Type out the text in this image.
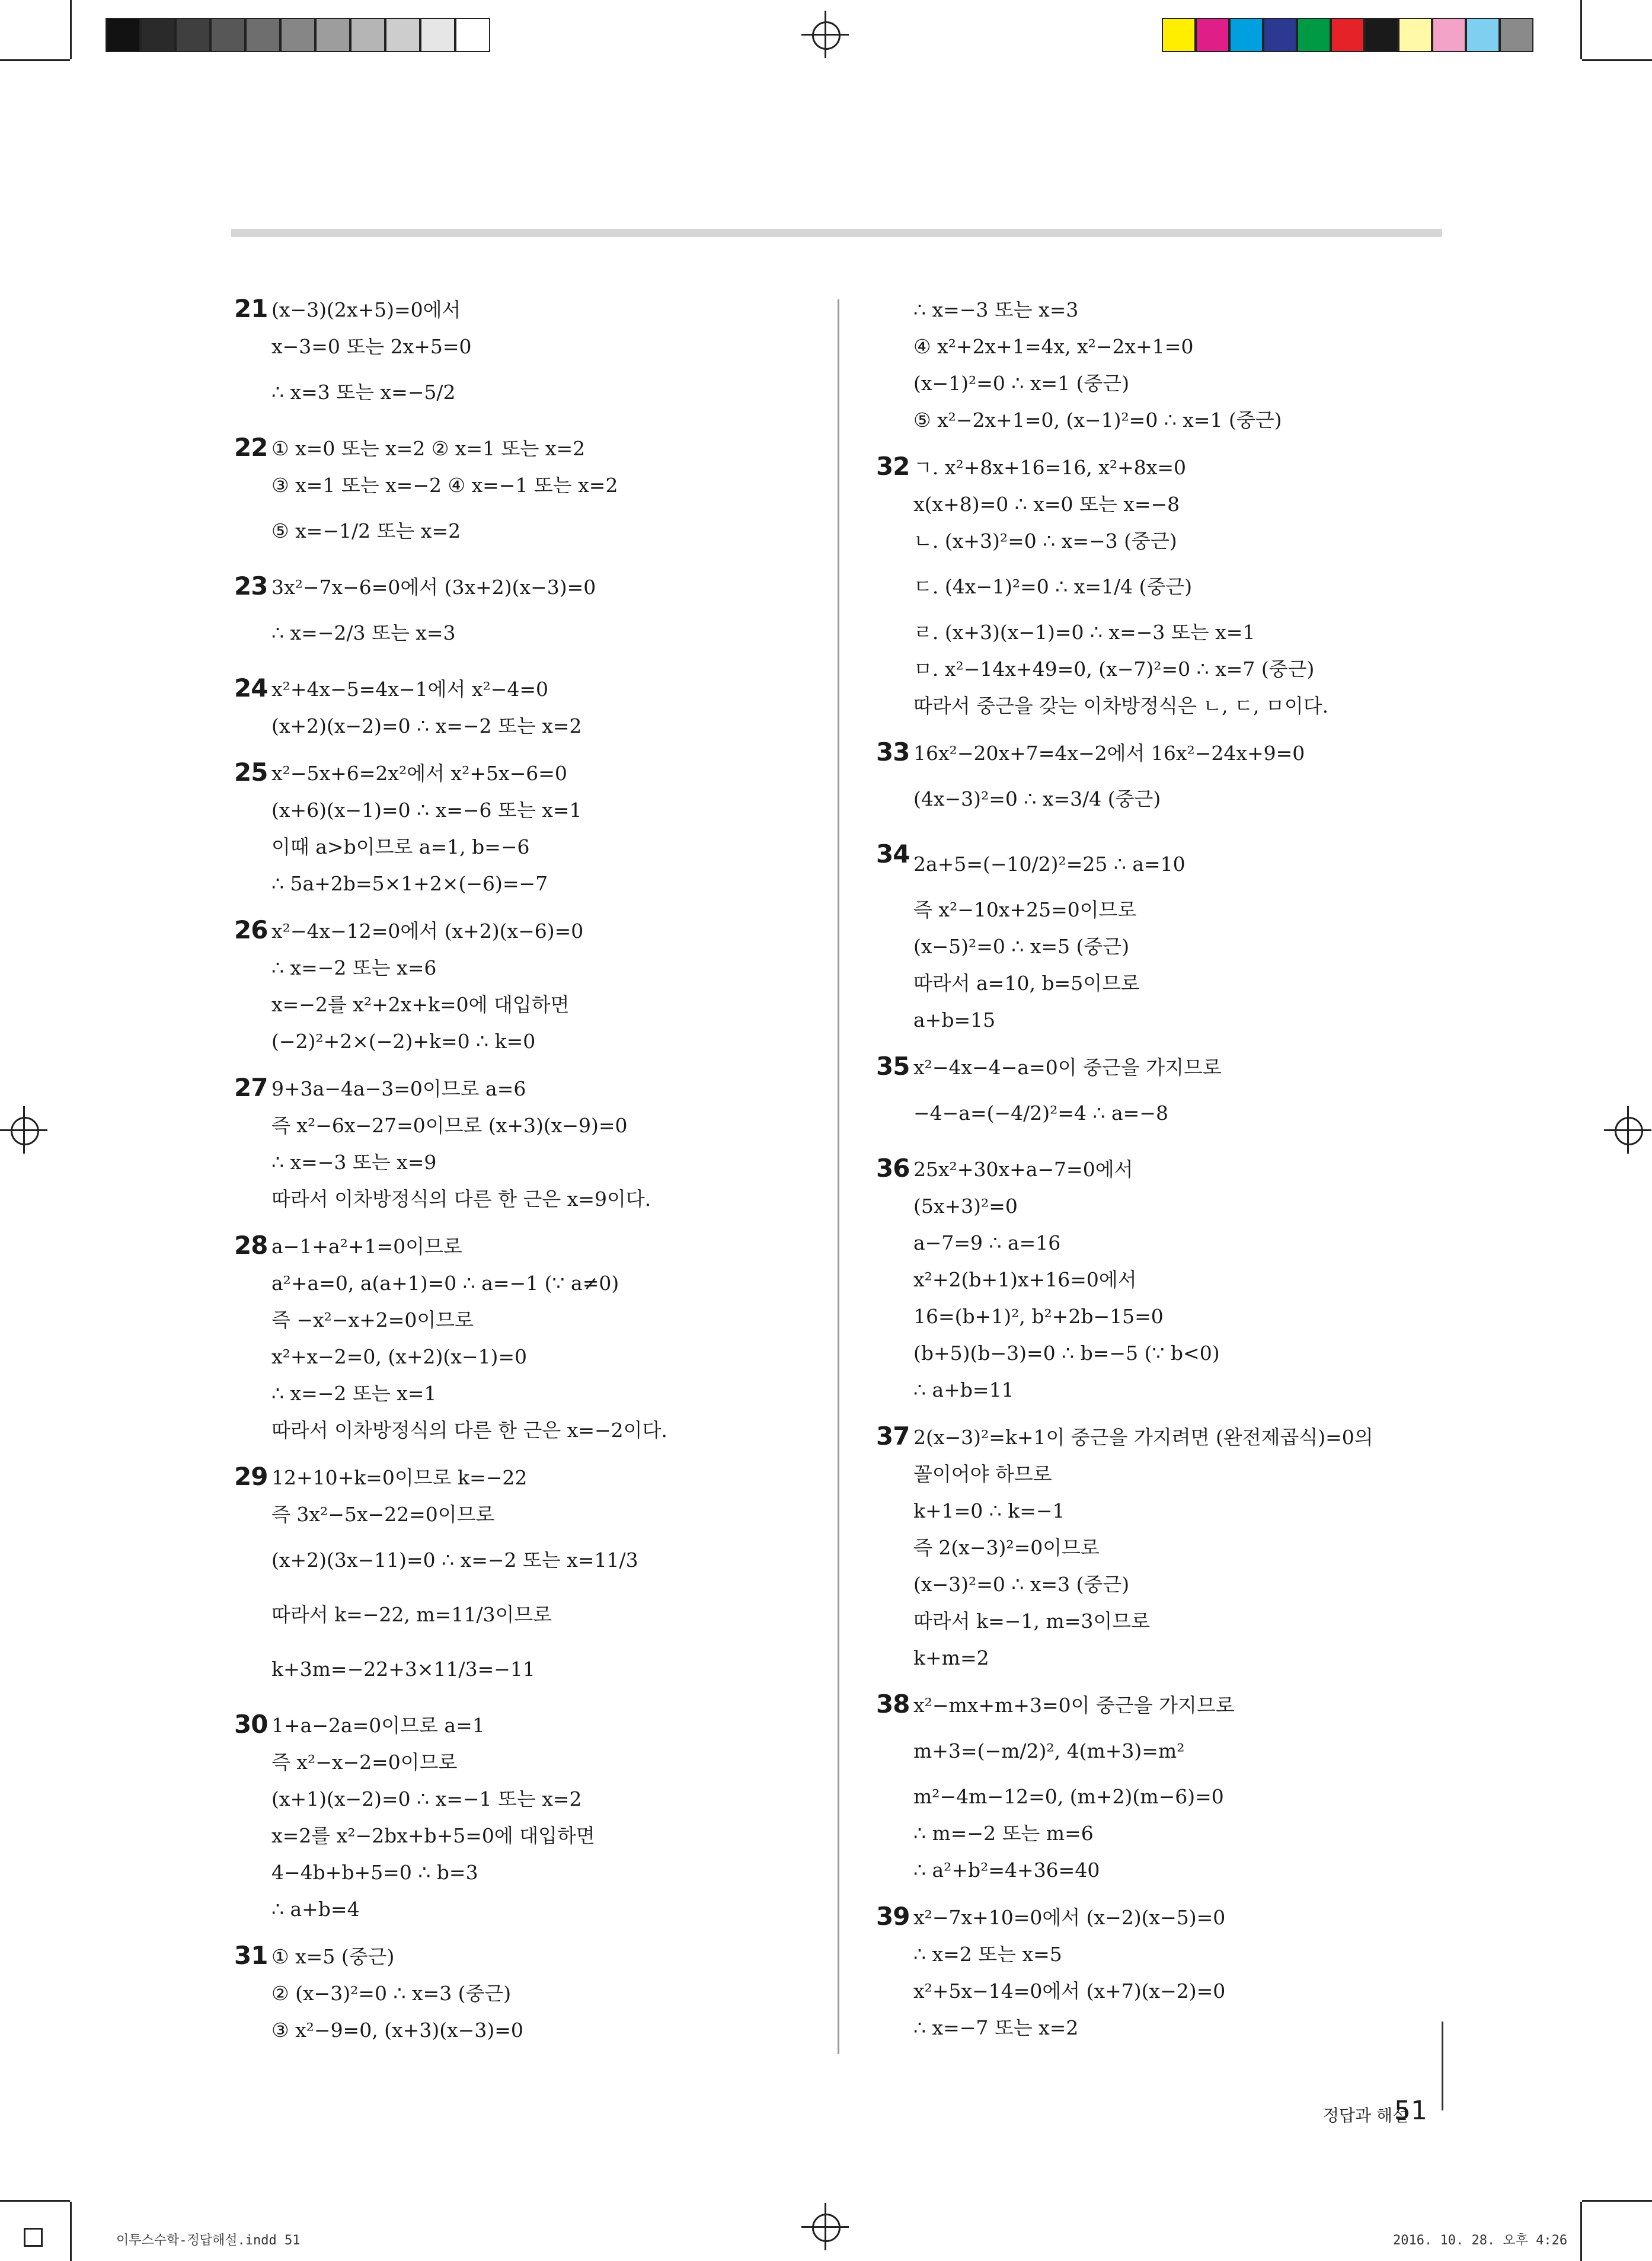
21 (x−3)(2x+5)=0에서
x−3=0 또는 2x+5=0
∴ x=3 또는 x=−5/2
22 ① x=0 또는 x=2 ② x=1 또는 x=2
③ x=1 또는 x=−2 ④ x=−1 또는 x=2
⑤ x=−1/2 또는 x=2
23 3x²−7x−6=0에서 (3x+2)(x−3)=0
∴ x=−2/3 또는 x=3
24 x²+4x−5=4x−1에서 x²−4=0
(x+2)(x−2)=0 ∴ x=−2 또는 x=2
25 x²−5x+6=2x²에서 x²+5x−6=0
(x+6)(x−1)=0 ∴ x=−6 또는 x=1
이때 a>b이므로 a=1, b=−6
∴ 5a+2b=5×1+2×(−6)=−7
26 x²−4x−12=0에서 (x+2)(x−6)=0
∴ x=−2 또는 x=6
x=−2를 x²+2x+k=0에 대입하면
(−2)²+2×(−2)+k=0 ∴ k=0
27 9+3a−4a−3=0이므로 a=6
즉 x²−6x−27=0이므로 (x+3)(x−9)=0
∴ x=−3 또는 x=9
따라서 이차방정식의 다른 한 근은 x=9이다.
28 a−1+a²+1=0이므로
a²+a=0, a(a+1)=0 ∴ a=−1 (∵ a≠0)
즉 −x²−x+2=0이므로
x²+x−2=0, (x+2)(x−1)=0
∴ x=−2 또는 x=1
따라서 이차방정식의 다른 한 근은 x=−2이다.
29 12+10+k=0이므로 k=−22
즉 3x²−5x−22=0이므로
(x+2)(3x−11)=0 ∴ x=−2 또는 x=11/3
따라서 k=−22, m=11/3이므로
k+3m=−22+3×11/3=−11
30 1+a−2a=0이므로 a=1
즉 x²−x−2=0이므로
(x+1)(x−2)=0 ∴ x=−1 또는 x=2
x=2를 x²−2bx+b+5=0에 대입하면
4−4b+b+5=0 ∴ b=3
∴ a+b=4
31 ① x=5 (중근)
② (x−3)²=0 ∴ x=3 (중근)
③ x²−9=0, (x+3)(x−3)=0
∴ x=−3 또는 x=3
④ x²+2x+1=4x, x²−2x+1=0
(x−1)²=0 ∴ x=1 (중근)
⑤ x²−2x+1=0, (x−1)²=0 ∴ x=1 (중근)
32 ㄱ. x²+8x+16=16, x²+8x=0
x(x+8)=0 ∴ x=0 또는 x=−8
ㄴ. (x+3)²=0 ∴ x=−3 (중근)
ㄷ. (4x−1)²=0 ∴ x=1/4 (중근)
ㄹ. (x+3)(x−1)=0 ∴ x=−3 또는 x=1
ㅁ. x²−14x+49=0, (x−7)²=0 ∴ x=7 (중근)
따라서 중근을 갖는 이차방정식은 ㄴ, ㄷ, ㅁ이다.
33 16x²−20x+7=4x−2에서 16x²−24x+9=0
(4x−3)²=0 ∴ x=3/4 (중근)
34 2a+5=(−10/2)²=25 ∴ a=10
즉 x²−10x+25=0이므로
(x−5)²=0 ∴ x=5 (중근)
따라서 a=10, b=5이므로
a+b=15
35 x²−4x−4−a=0이 중근을 가지므로
−4−a=(−4/2)²=4 ∴ a=−8
36 25x²+30x+a−7=0에서
(5x+3)²=0
a−7=9 ∴ a=16
x²+2(b+1)x+16=0에서
16=(b+1)², b²+2b−15=0
(b+5)(b−3)=0 ∴ b=−5 (∵ b<0)
∴ a+b=11
37 2(x−3)²=k+1이 중근을 가지려면 (완전제곱식)=0의
꼴이어야 하므로
k+1=0 ∴ k=−1
즉 2(x−3)²=0이므로
(x−3)²=0 ∴ x=3 (중근)
따라서 k=−1, m=3이므로
k+m=2
38 x²−mx+m+3=0이 중근을 가지므로
m+3=(−m/2)², 4(m+3)=m²
m²−4m−12=0, (m+2)(m−6)=0
∴ m=−2 또는 m=6
∴ a²+b²=4+36=40
39 x²−7x+10=0에서 (x−2)(x−5)=0
∴ x=2 또는 x=5
x²+5x−14=0에서 (x+7)(x−2)=0
∴ x=−7 또는 x=2
정답과 해설
51
이투스수학-정답해설.indd 51	2016. 10. 28. 오후 4:26
